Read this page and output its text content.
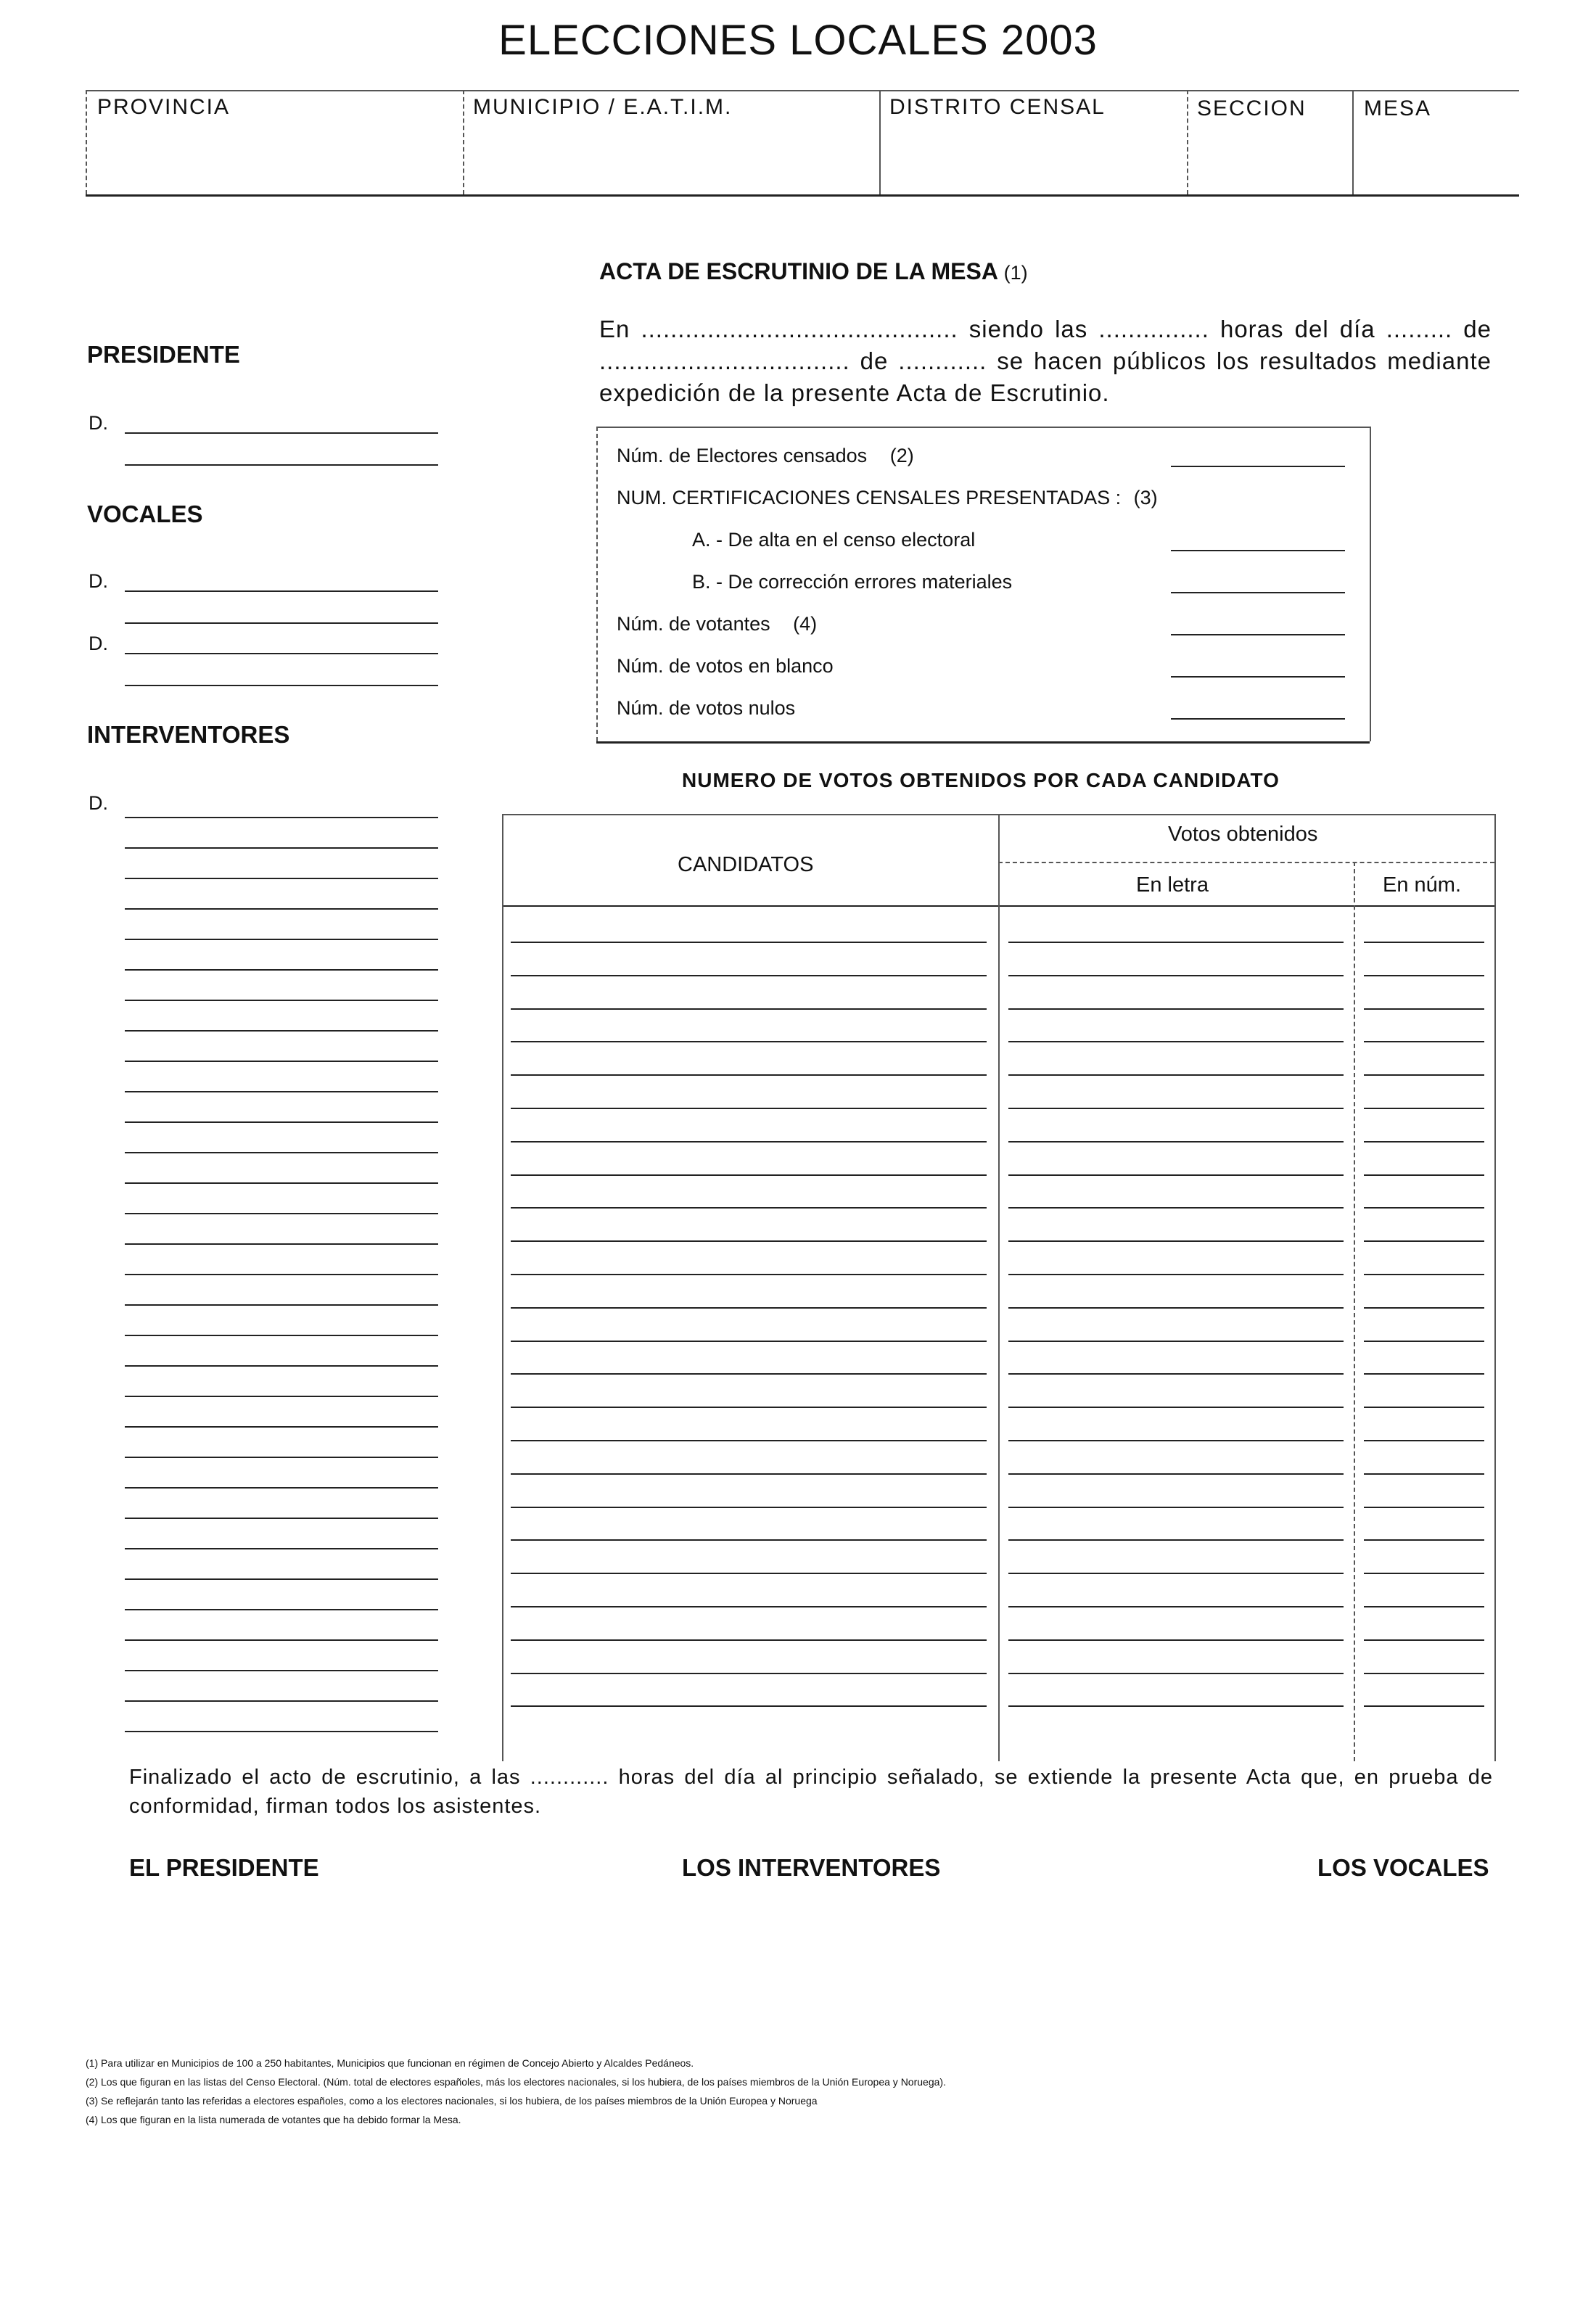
ELECCIONES LOCALES 2003
PROVINCIA	MUNICIPIO / E.A.T.I.M.	DISTRITO CENSAL	SECCION	MESA
ACTA DE ESCRUTINIO DE LA MESA (1)
En ........................................... siendo las ............... horas del día ......... de
.................................. de ............ se hacen públicos los resultados mediante
expedición de la presente Acta de Escrutinio.
PRESIDENTE
D.
VOCALES
D.
D.
INTERVENTORES
D.
Núm. de Electores censados (2)
NUM. CERTIFICACIONES CENSALES PRESENTADAS : (3)
A. - De alta en el censo electoral
B. - De corrección errores materiales
Núm. de votantes (4)
Núm. de votos en blanco
Núm. de votos nulos
NUMERO DE VOTOS OBTENIDOS POR CADA CANDIDATO
CANDIDATOS
Votos obtenidos
En letra	En núm.
Finalizado el acto de escrutinio, a las ............ horas del día al principio señalado, se extiende la presente Acta que, en prueba de conformidad, firman todos los asistentes.
EL PRESIDENTE	LOS INTERVENTORES	LOS VOCALES
(1) Para utilizar en Municipios de 100 a 250 habitantes, Municipios que funcionan en régimen de Concejo Abierto y Alcaldes Pedáneos.
(2) Los que figuran en las listas del Censo Electoral. (Núm. total de electores españoles, más los electores nacionales, si los hubiera, de los países miembros de la Unión Europea y Noruega).
(3) Se reflejarán tanto las referidas a electores españoles, como a los electores nacionales, si los hubiera, de los países miembros de la Unión Europea y Noruega
(4) Los que figuran en la lista numerada de votantes que ha debido formar la Mesa.
